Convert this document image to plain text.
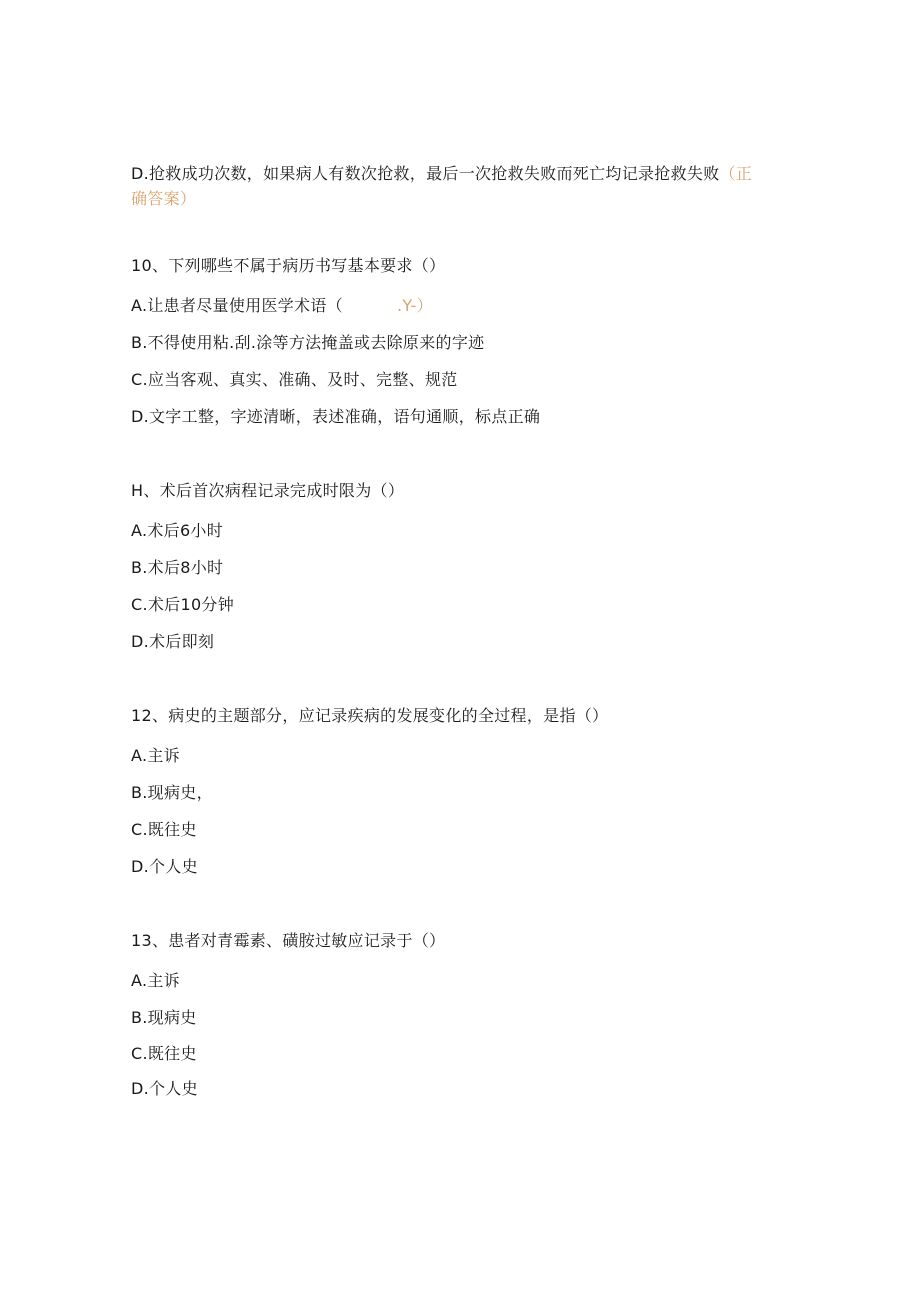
D.抢救成功次数，如果病人有数次抢救，最后一次抢救失败而死亡均记录抢救失败（正
确答案）
10、下列哪些不属于病历书写基本要求（）
A.让患者尽量使用医学术语（	.Y-）
B.不得使用粘.刮.涂等方法掩盖或去除原来的字迹
C.应当客观、真实、准确、及时、完整、规范
D.文字工整，字迹清晰，表述准确，语句通顺，标点正确
H、术后首次病程记录完成时限为（）
A.术后6小时
B.术后8小时
C.术后10分钟
D.术后即刻
12、病史的主题部分，应记录疾病的发展变化的全过程，是指（）
A.主诉
B.现病史，
C.既往史
D.个人史
13、患者对青霉素、磺胺过敏应记录于（）
A.主诉
B.现病史
C.既往史
D.个人史
